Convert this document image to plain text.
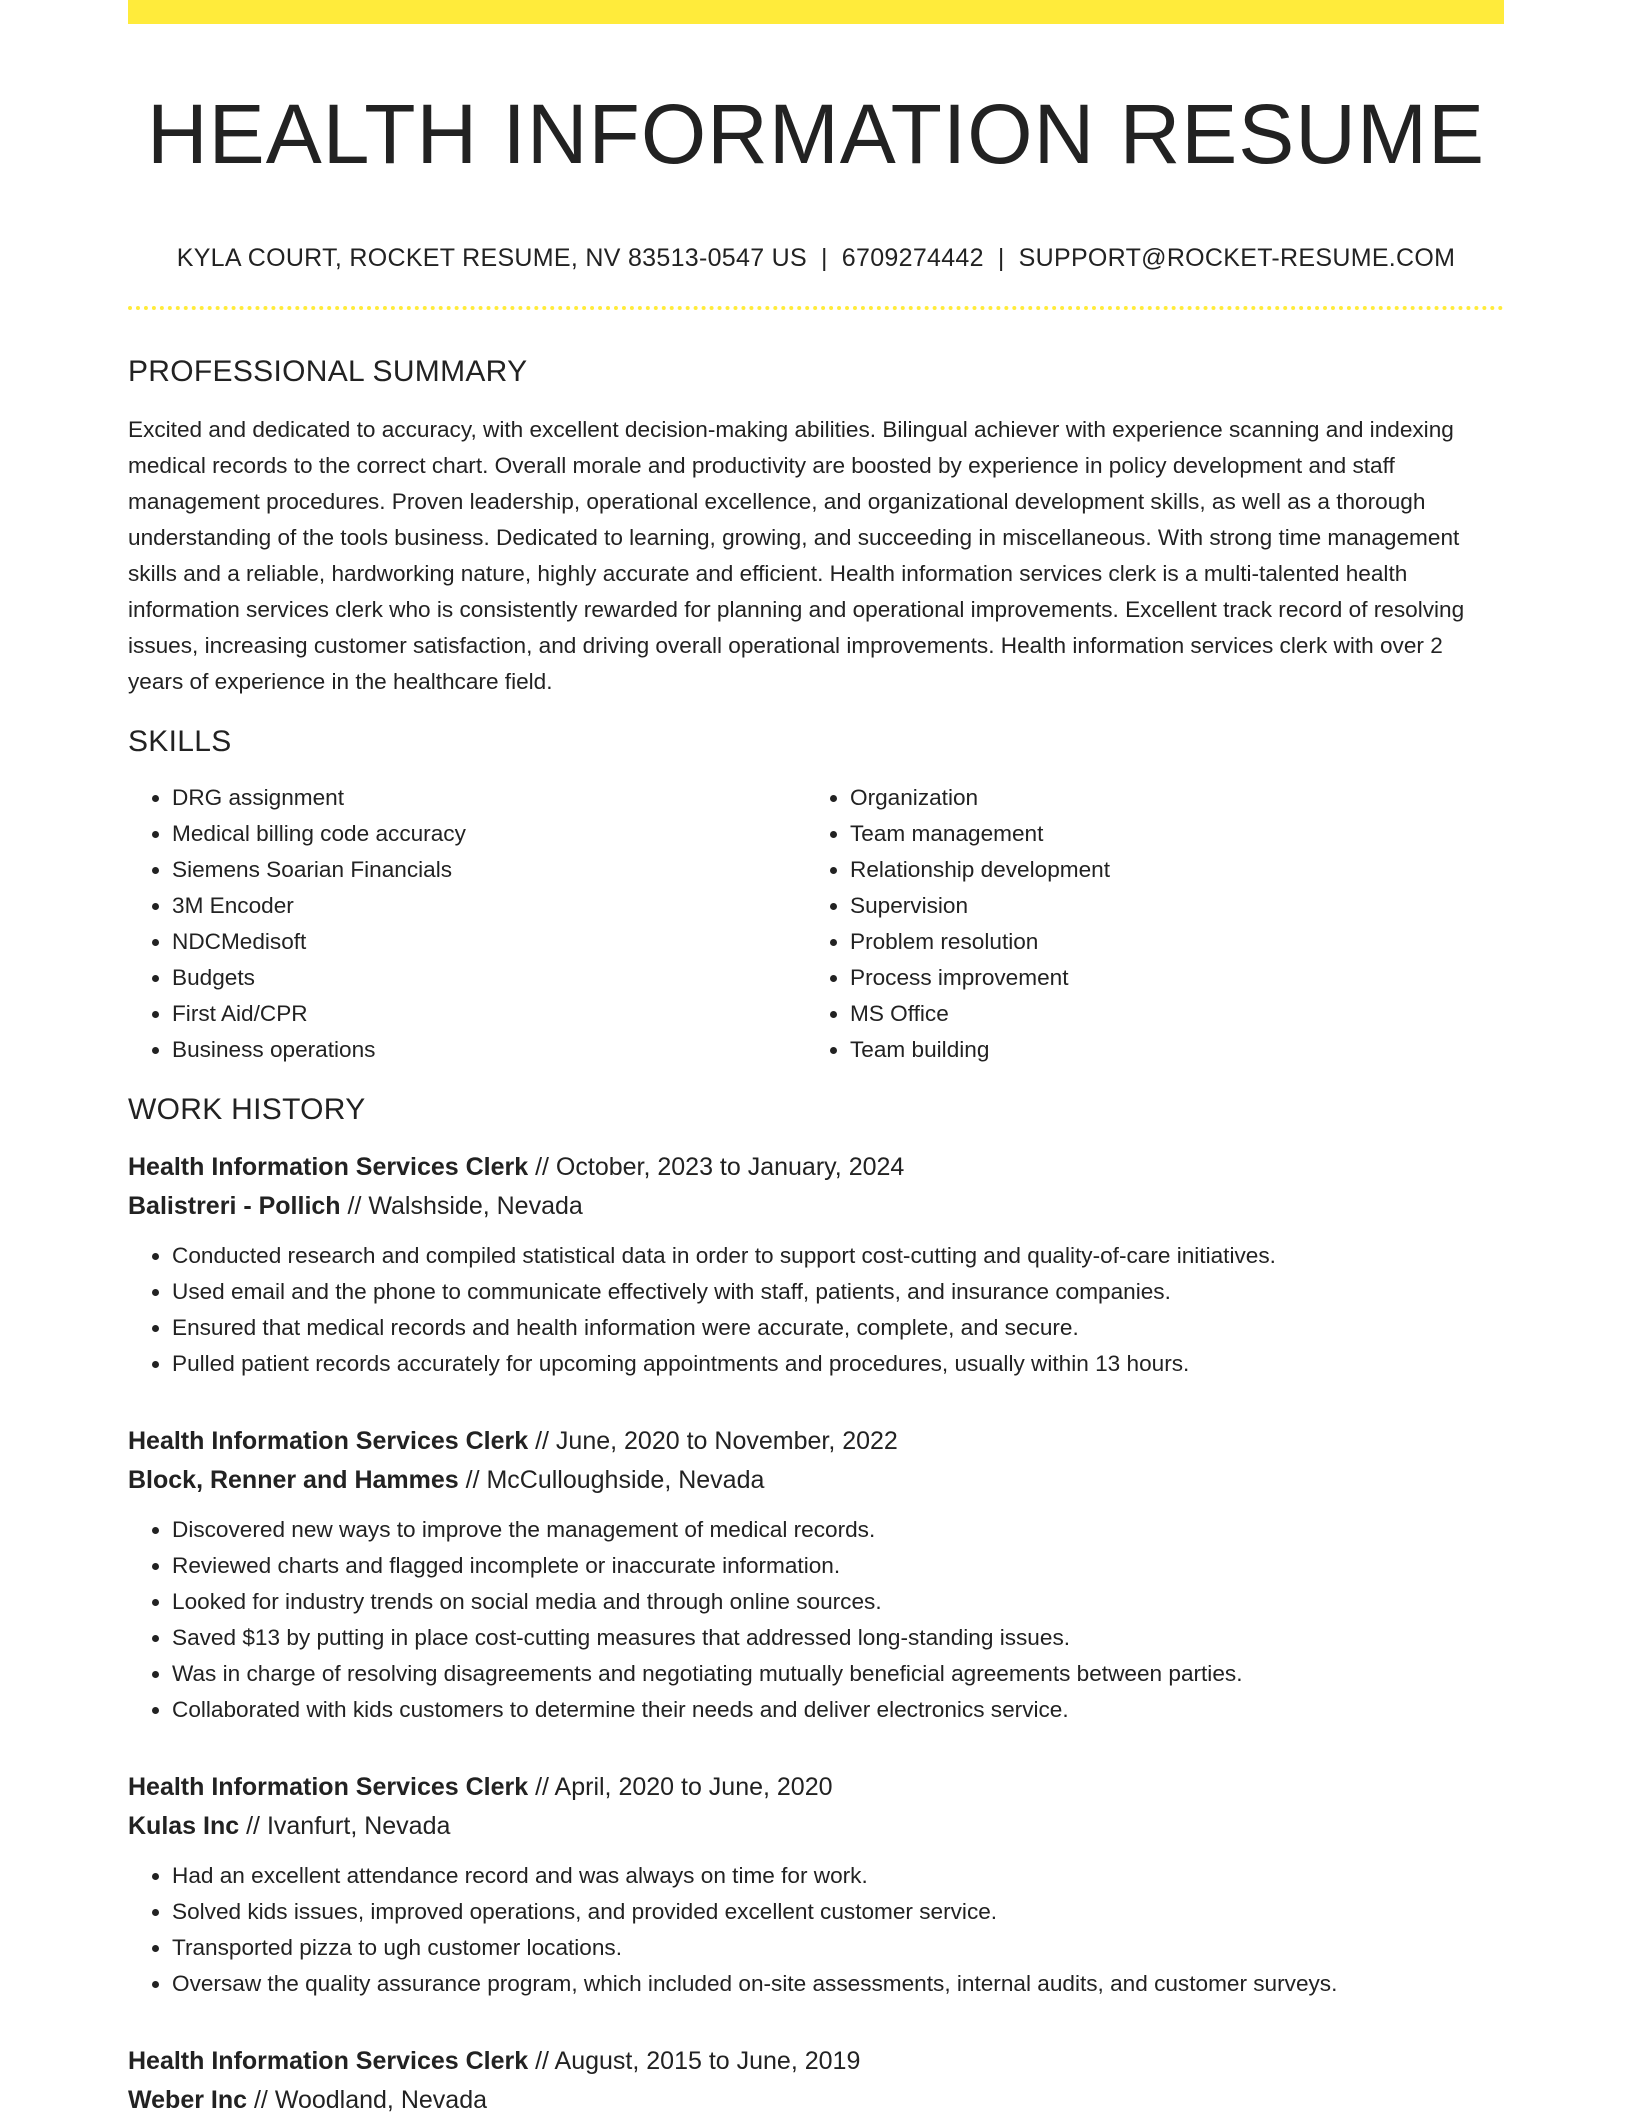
HEALTH INFORMATION RESUME
KYLA COURT, ROCKET RESUME, NV 83513-0547 US | 6709274442 | SUPPORT@ROCKET-RESUME.COM
PROFESSIONAL SUMMARY
Excited and dedicated to accuracy, with excellent decision-making abilities. Bilingual achiever with experience scanning and indexing medical records to the correct chart. Overall morale and productivity are boosted by experience in policy development and staff management procedures. Proven leadership, operational excellence, and organizational development skills, as well as a thorough understanding of the tools business. Dedicated to learning, growing, and succeeding in miscellaneous. With strong time management skills and a reliable, hardworking nature, highly accurate and efficient. Health information services clerk is a multi-talented health information services clerk who is consistently rewarded for planning and operational improvements. Excellent track record of resolving issues, increasing customer satisfaction, and driving overall operational improvements. Health information services clerk with over 2 years of experience in the healthcare field.
SKILLS
• DRG assignment
• Medical billing code accuracy
• Siemens Soarian Financials
• 3M Encoder
• NDCMedisoft
• Budgets
• First Aid/CPR
• Business operations
• Organization
• Team management
• Relationship development
• Supervision
• Problem resolution
• Process improvement
• MS Office
• Team building
WORK HISTORY
Health Information Services Clerk // October, 2023 to January, 2024
Balistreri - Pollich // Walshside, Nevada
• Conducted research and compiled statistical data in order to support cost-cutting and quality-of-care initiatives.
• Used email and the phone to communicate effectively with staff, patients, and insurance companies.
• Ensured that medical records and health information were accurate, complete, and secure.
• Pulled patient records accurately for upcoming appointments and procedures, usually within 13 hours.
Health Information Services Clerk // June, 2020 to November, 2022
Block, Renner and Hammes // McCulloughside, Nevada
• Discovered new ways to improve the management of medical records.
• Reviewed charts and flagged incomplete or inaccurate information.
• Looked for industry trends on social media and through online sources.
• Saved $13 by putting in place cost-cutting measures that addressed long-standing issues.
• Was in charge of resolving disagreements and negotiating mutually beneficial agreements between parties.
• Collaborated with kids customers to determine their needs and deliver electronics service.
Health Information Services Clerk // April, 2020 to June, 2020
Kulas Inc // Ivanfurt, Nevada
• Had an excellent attendance record and was always on time for work.
• Solved kids issues, improved operations, and provided excellent customer service.
• Transported pizza to ugh customer locations.
• Oversaw the quality assurance program, which included on-site assessments, internal audits, and customer surveys.
Health Information Services Clerk // August, 2015 to June, 2019
Weber Inc // Woodland, Nevada
